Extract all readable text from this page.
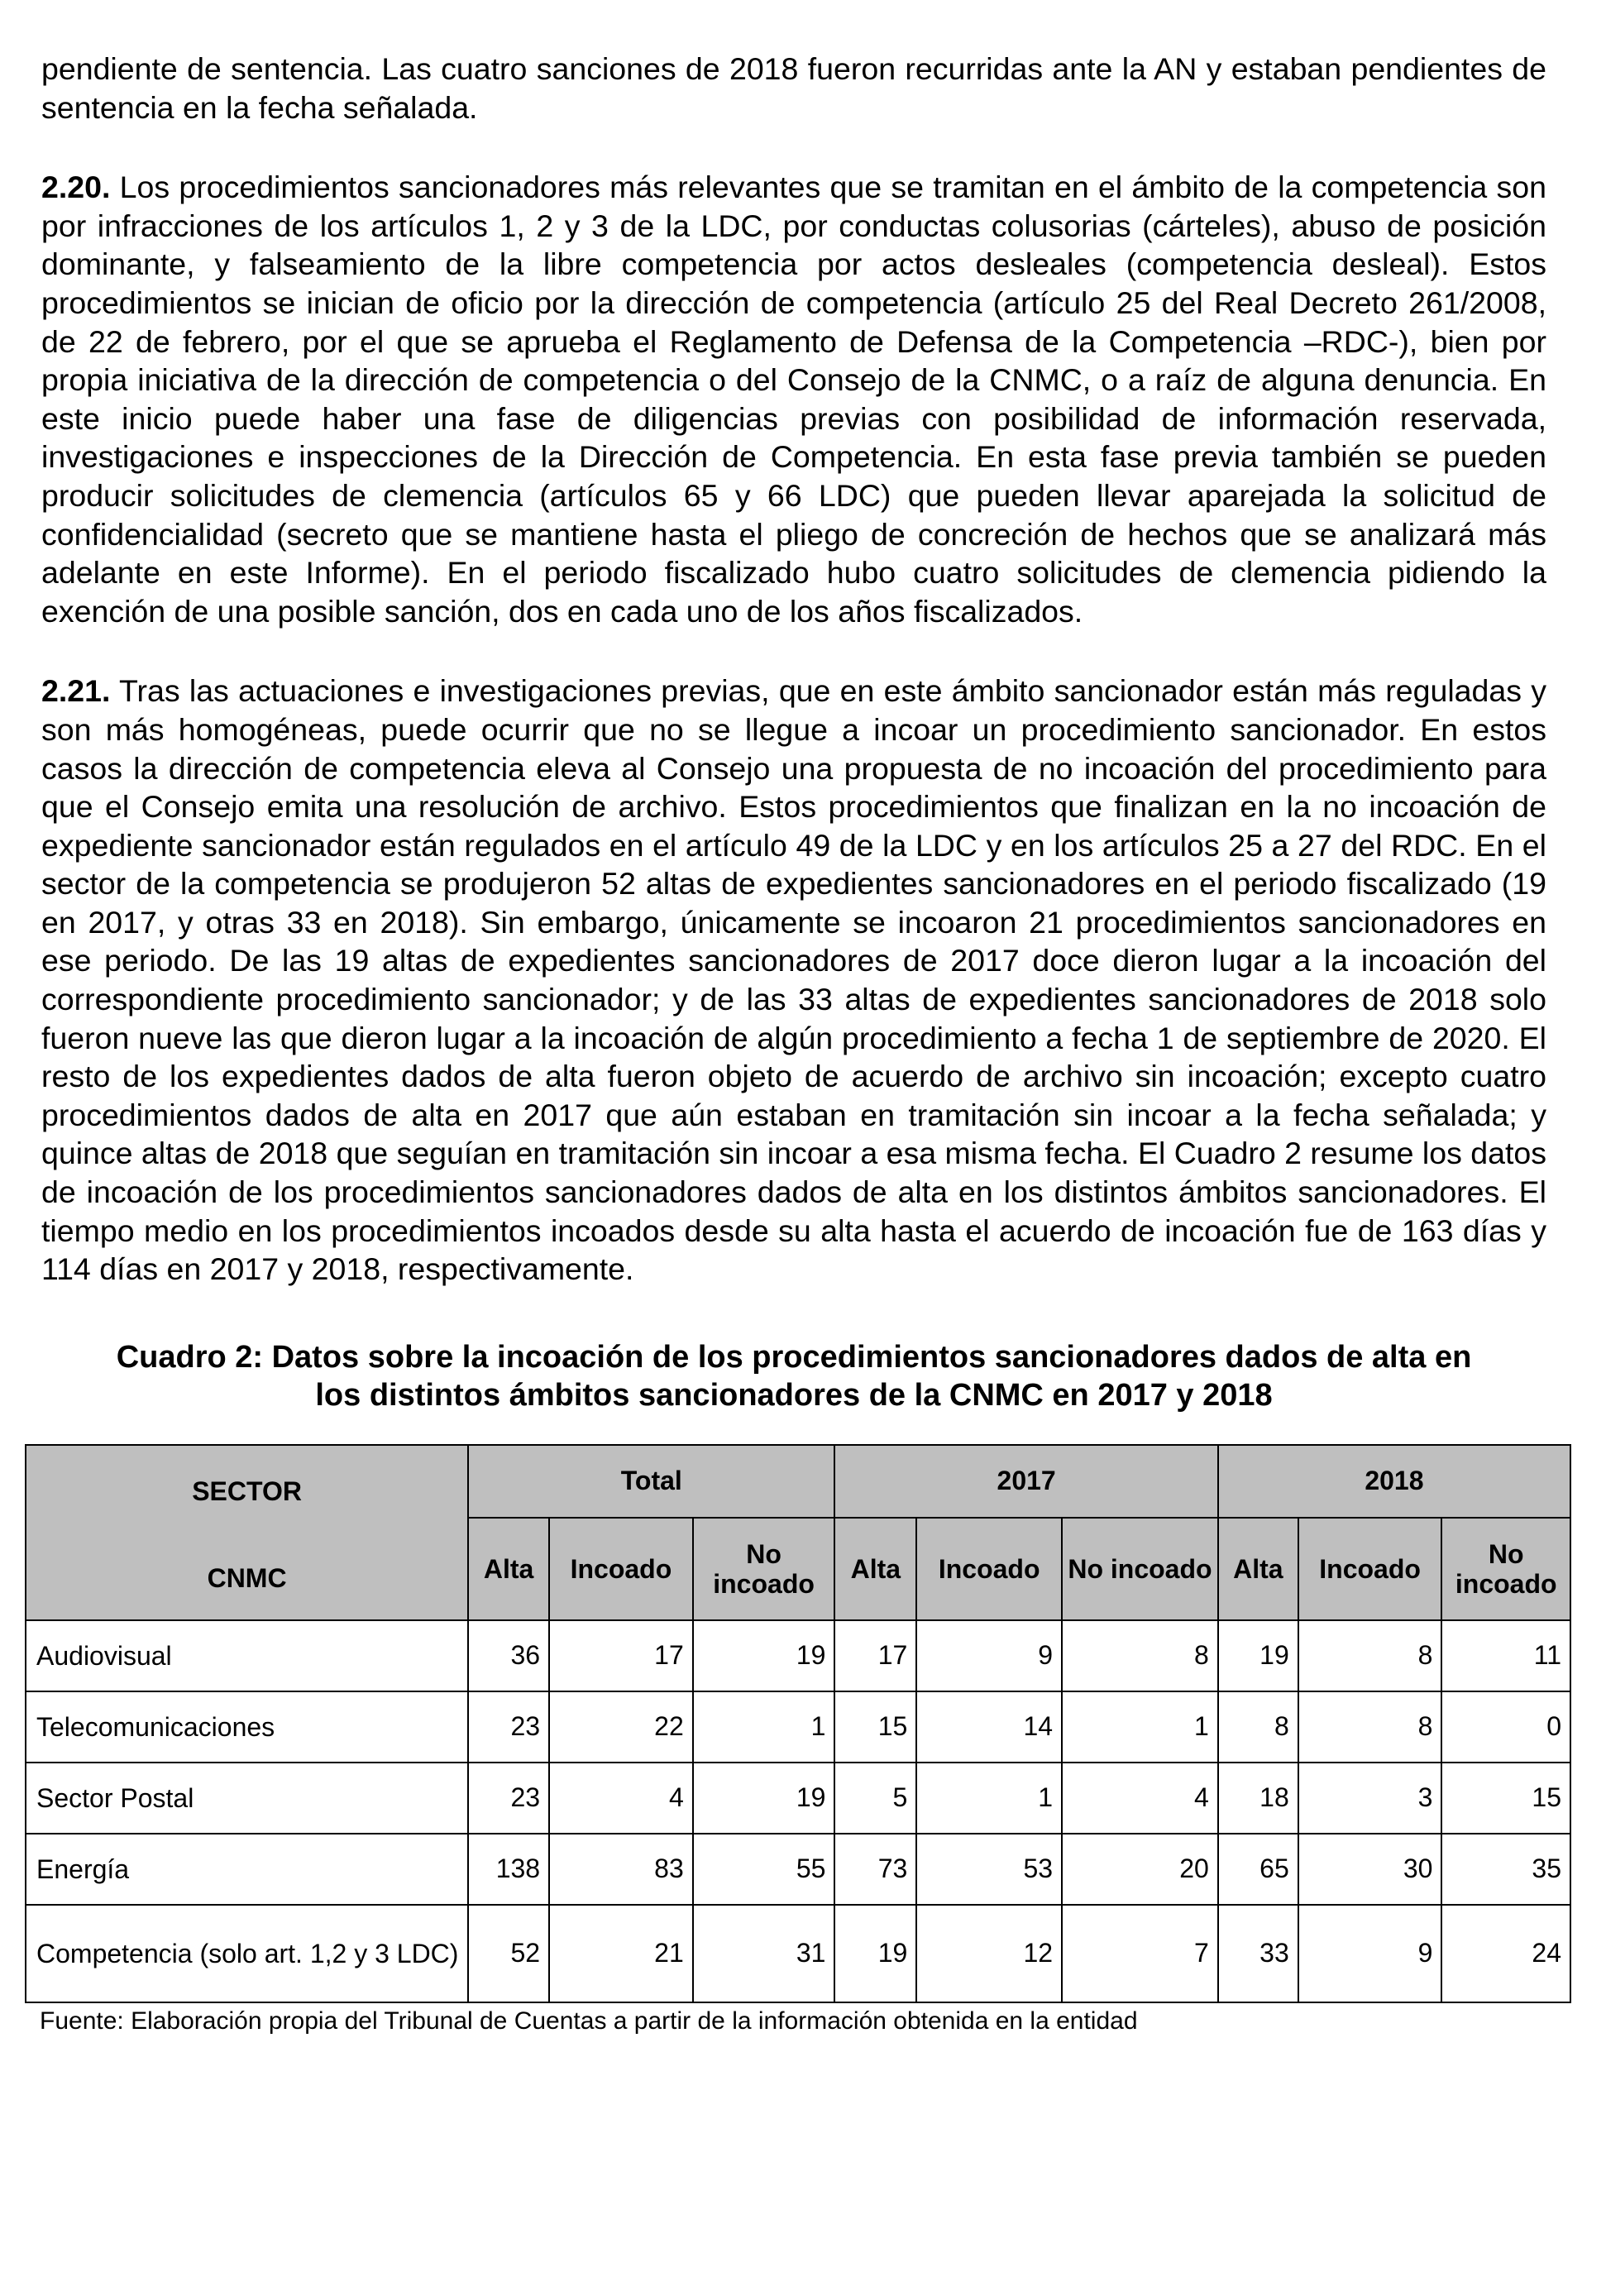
pendiente de sentencia. Las cuatro sanciones de 2018 fueron recurridas ante la AN y estaban pendientes de sentencia en la fecha señalada.

2.20. Los procedimientos sancionadores más relevantes que se tramitan en el ámbito de la competencia son por infracciones de los artículos 1, 2 y 3 de la LDC, por conductas colusorias (cárteles), abuso de posición dominante, y falseamiento de la libre competencia por actos desleales (competencia desleal). Estos procedimientos se inician de oficio por la dirección de competencia (artículo 25 del Real Decreto 261/2008, de 22 de febrero, por el que se aprueba el Reglamento de Defensa de la Competencia –RDC-), bien por propia iniciativa de la dirección de competencia o del Consejo de la CNMC, o a raíz de alguna denuncia. En este inicio puede haber una fase de diligencias previas con posibilidad de información reservada, investigaciones e inspecciones de la Dirección de Competencia. En esta fase previa también se pueden producir solicitudes de clemencia (artículos 65 y 66 LDC) que pueden llevar aparejada la solicitud de confidencialidad (secreto que se mantiene hasta el pliego de concreción de hechos que se analizará más adelante en este Informe). En el periodo fiscalizado hubo cuatro solicitudes de clemencia pidiendo la exención de una posible sanción, dos en cada uno de los años fiscalizados.

2.21. Tras las actuaciones e investigaciones previas, que en este ámbito sancionador están más reguladas y son más homogéneas, puede ocurrir que no se llegue a incoar un procedimiento sancionador. En estos casos la dirección de competencia eleva al Consejo una propuesta de no incoación del procedimiento para que el Consejo emita una resolución de archivo. Estos procedimientos que finalizan en la no incoación de expediente sancionador están regulados en el artículo 49 de la LDC y en los artículos 25 a 27 del RDC. En el sector de la competencia se produjeron 52 altas de expedientes sancionadores en el periodo fiscalizado (19 en 2017, y otras 33 en 2018). Sin embargo, únicamente se incoaron 21 procedimientos sancionadores en ese periodo. De las 19 altas de expedientes sancionadores de 2017 doce dieron lugar a la incoación del correspondiente procedimiento sancionador; y de las 33 altas de expedientes sancionadores de 2018 solo fueron nueve las que dieron lugar a la incoación de algún procedimiento a fecha 1 de septiembre de 2020. El resto de los expedientes dados de alta fueron objeto de acuerdo de archivo sin incoación; excepto cuatro procedimientos dados de alta en 2017 que aún estaban en tramitación sin incoar a la fecha señalada; y quince altas de 2018 que seguían en tramitación sin incoar a esa misma fecha. El Cuadro 2 resume los datos de incoación de los procedimientos sancionadores dados de alta en los distintos ámbitos sancionadores. El tiempo medio en los procedimientos incoados desde su alta hasta el acuerdo de incoación fue de 163 días y 114 días en 2017 y 2018, respectivamente.

Cuadro 2: Datos sobre la incoación de los procedimientos sancionadores dados de alta en
los distintos ámbitos sancionadores de la CNMC en 2017 y 2018
SECTOR
CNMC	Total			2017			2018		
	Alta	Incoado	No incoado	Alta	Incoado	No incoado	Alta	Incoado	No incoado
Audiovisual	36	17	19	17	9	8	19	8	11
Telecomunicaciones	23	22	1	15	14	1	8	8	0
Sector Postal	23	4	19	5	1	4	18	3	15
Energía	138	83	55	73	53	20	65	30	35
Competencia (solo art. 1,2 y 3 LDC)	52	21	31	19	12	7	33	9	24
Fuente: Elaboración propia del Tribunal de Cuentas a partir de la información obtenida en la entidad
